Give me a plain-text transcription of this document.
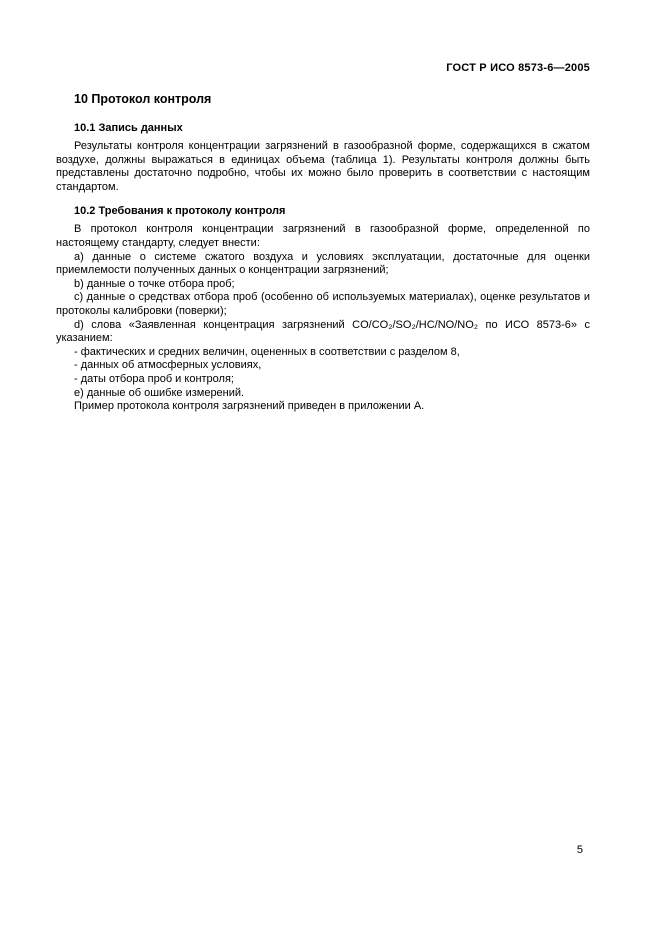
ГОСТ Р ИСО 8573-6—2005
10 Протокол контроля
10.1 Запись данных

Результаты контроля концентрации загрязнений в газообразной форме, содержащихся в сжатом воздухе, должны выражаться в единицах объема (таблица 1). Результаты контроля должны быть представлены достаточно подробно, чтобы их можно было проверить в соответствии с настоящим стандартом.

10.2 Требования к протоколу контроля

В протокол контроля концентрации загрязнений в газообразной форме, определенной по настоящему стандарту, следует внести:

a) данные о системе сжатого воздуха и условиях эксплуатации, достаточные для оценки приемлемости полученных данных о концентрации загрязнений;

b) данные о точке отбора проб;

c) данные о средствах отбора проб (особенно об используемых материалах), оценке результатов и протоколы калибровки (поверки);

d) слова «Заявленная концентрация загрязнений CO/CO₂/SO₂/HC/NO/NO₂ по ИСО 8573-6» с указанием:

- фактических и средних величин, оцененных в соответствии с разделом 8,

- данных об атмосферных условиях,

- даты отбора проб и контроля;

e) данные об ошибке измерений.

Пример протокола контроля загрязнений приведен в приложении А.

5
